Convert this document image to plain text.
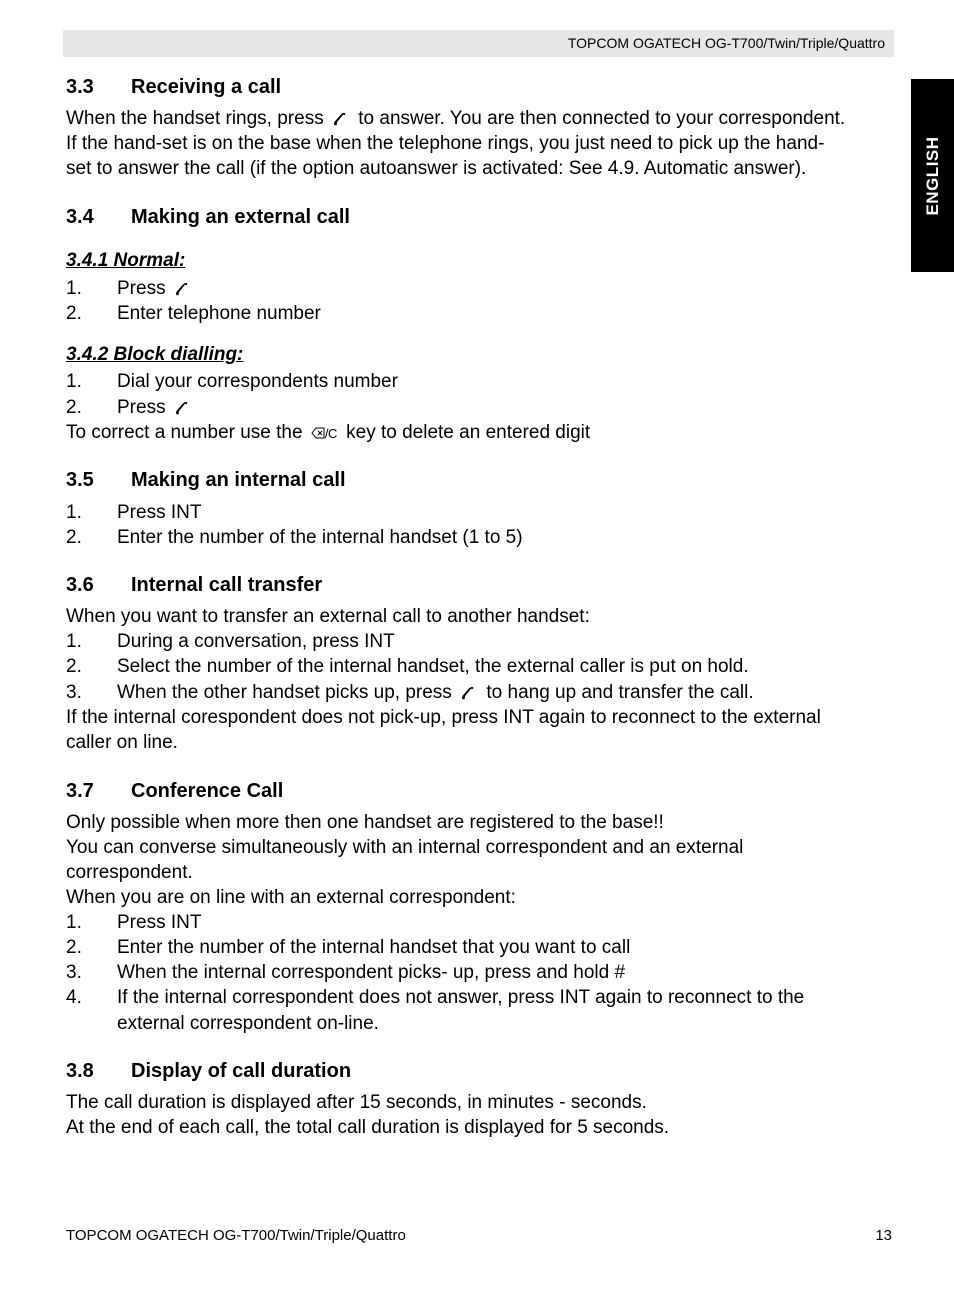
TOPCOM OGATECH OG-T700/Twin/Triple/Quattro
ENGLISH
3.3 Receiving a call
When the handset rings, press to answer. You are then connected to your correspondent.
If the hand-set is on the base when the telephone rings, you just need to pick up the hand-
set to answer the call (if the option autoanswer is activated: See 4.9. Automatic answer).
3.4 Making an external call
3.4.1 Normal:
1. Press
2. Enter telephone number
3.4.2 Block dialling:
1. Dial your correspondents number
2. Press
To correct a number use the /C key to delete an entered digit
3.5 Making an internal call
1. Press INT
2. Enter the number of the internal handset (1 to 5)
3.6 Internal call transfer
When you want to transfer an external call to another handset:
1. During a conversation, press INT
2. Select the number of the internal handset, the external caller is put on hold.
3. When the other handset picks up, press to hang up and transfer the call.
If the internal corespondent does not pick-up, press INT again to reconnect to the external
caller on line.
3.7 Conference Call
Only possible when more then one handset are registered to the base!!
You can converse simultaneously with an internal correspondent and an external
correspondent.
When you are on line with an external correspondent:
1. Press INT
2. Enter the number of the internal handset that you want to call
3. When the internal correspondent picks- up, press and hold #
4. If the internal correspondent does not answer, press INT again to reconnect to the
external correspondent on-line.
3.8 Display of call duration
The call duration is displayed after 15 seconds, in minutes - seconds.
At the end of each call, the total call duration is displayed for 5 seconds.
TOPCOM OGATECH OG-T700/Twin/Triple/Quattro	13
